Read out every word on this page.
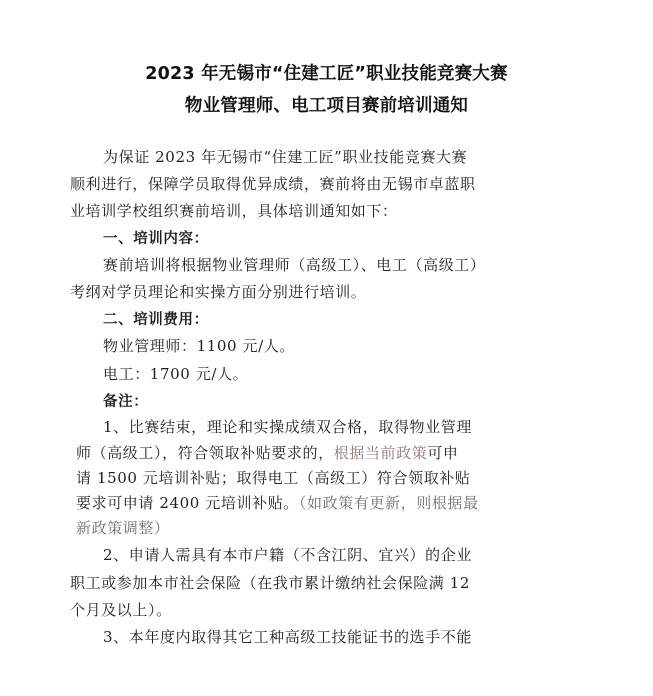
2023 年无锡市“住建工匠”职业技能竞赛大赛
物业管理师、电工项目赛前培训通知
为保证 2023 年无锡市“住建工匠”职业技能竞赛大赛
顺利进行，保障学员取得优异成绩，赛前将由无锡市卓蓝职
业培训学校组织赛前培训，具体培训通知如下：
一、培训内容：
赛前培训将根据物业管理师（高级工）、电工（高级工）
考纲对学员理论和实操方面分别进行培训。
二、培训费用：
物业管理师：1100 元/人。
电工：1700 元/人。
备注：
1、比赛结束，理论和实操成绩双合格，取得物业管理
师（高级工），符合领取补贴要求的，根据当前政策可申
请 1500 元培训补贴；取得电工（高级工）符合领取补贴
要求可申请 2400 元培训补贴。（如政策有更新，则根据最
新政策调整）
2、申请人需具有本市户籍（不含江阴、宜兴）的企业
职工或参加本市社会保险（在我市累计缴纳社会保险满 12
个月及以上）。
3、本年度内取得其它工种高级工技能证书的选手不能
